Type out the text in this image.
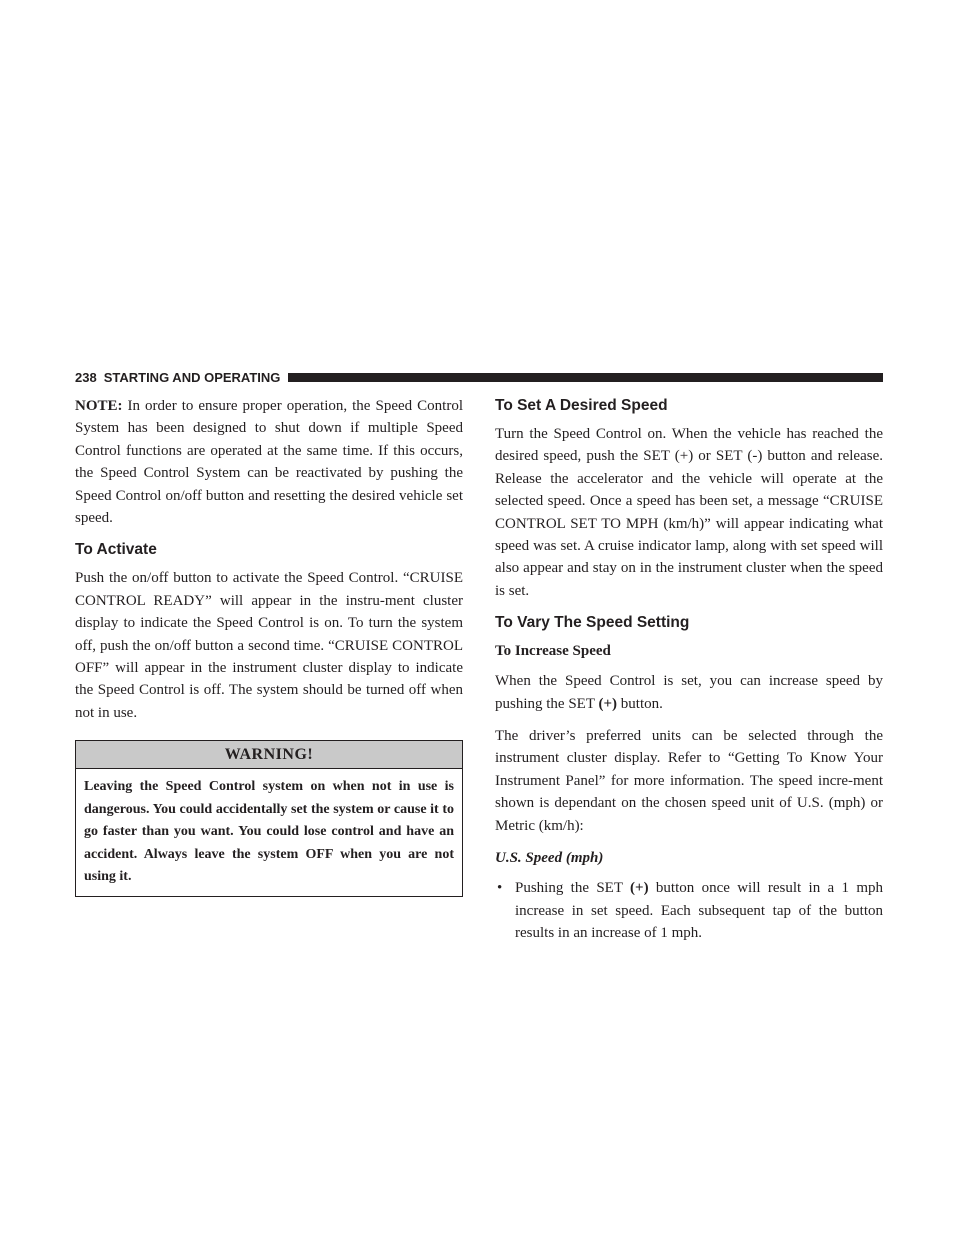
238 STARTING AND OPERATING

NOTE: In order to ensure proper operation, the Speed Control System has been designed to shut down if multiple Speed Control functions are operated at the same time. If this occurs, the Speed Control System can be reactivated by pushing the Speed Control on/off button and resetting the desired vehicle set speed.

To Activate

Push the on/off button to activate the Speed Control. “CRUISE CONTROL READY” will appear in the instru-ment cluster display to indicate the Speed Control is on. To turn the system off, push the on/off button a second time. “CRUISE CONTROL OFF” will appear in the instrument cluster display to indicate the Speed Control is off. The system should be turned off when not in use.

WARNING!
Leaving the Speed Control system on when not in use is dangerous. You could accidentally set the system or cause it to go faster than you want. You could lose control and have an accident. Always leave the system OFF when you are not using it.
To Set A Desired Speed

Turn the Speed Control on. When the vehicle has reached the desired speed, push the SET (+) or SET (-) button and release. Release the accelerator and the vehicle will operate at the selected speed. Once a speed has been set, a message “CRUISE CONTROL SET TO MPH (km/h)” will appear indicating what speed was set. A cruise indicator lamp, along with set speed will also appear and stay on in the instrument cluster when the speed is set.

To Vary The Speed Setting
To Increase Speed

When the Speed Control is set, you can increase speed by pushing the SET (+) button.

The driver’s preferred units can be selected through the instrument cluster display. Refer to “Getting To Know Your Instrument Panel” for more information. The speed incre-ment shown is dependant on the chosen speed unit of U.S. (mph) or Metric (km/h):

U.S. Speed (mph)
• Pushing the SET (+) button once will result in a 1 mph increase in set speed. Each subsequent tap of the button results in an increase of 1 mph.
